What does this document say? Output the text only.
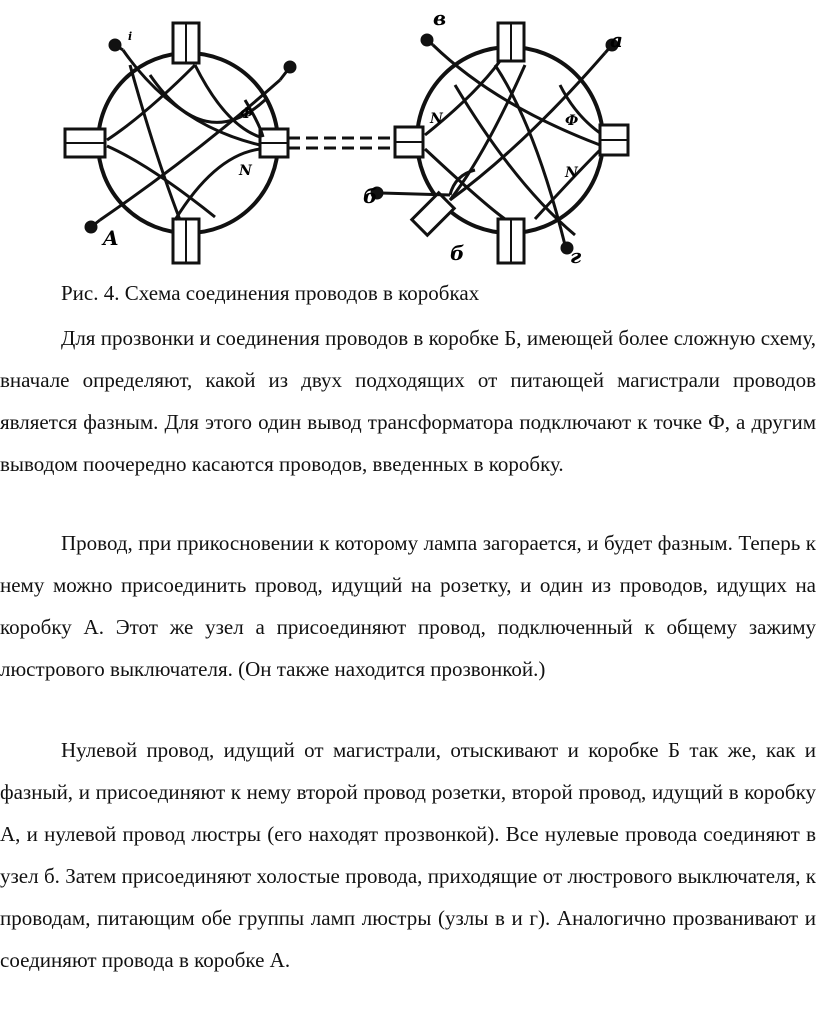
A
i
Ф
N
в
а
б
б	г
Ф
N
N
Рис. 4. Схема соединения проводов в коробках

Для прозвонки и соединения проводов в коробке Б, имеющей более сложную схему, вначале определяют, какой из двух подходящих от питающей магистрали проводов является фазным. Для этого один вывод трансформатора подключают к точке Ф, а другим выводом поочередно касаются проводов, введенных в коробку.

Провод, при прикосновении к которому лампа загорается, и будет фазным. Теперь к нему можно присоединить провод, идущий на розетку, и один из проводов, идущих на коробку А. Этот же узел а присоединяют провод, подключенный к общему зажиму люстрового выключателя. (Он также находится прозвонкой.)

Нулевой провод, идущий от магистрали, отыскивают и коробке Б так же, как и фазный, и присоединяют к нему второй провод розетки, второй провод, идущий в коробку А, и нулевой провод люстры (его находят прозвонкой). Все нулевые провода соединяют в узел б. Затем присоединяют холостые провода, приходящие от люстрового выключателя, к проводам, питающим обе группы ламп люстры (узлы в и г). Аналогично прозванивают и соединяют провода в коробке А.
